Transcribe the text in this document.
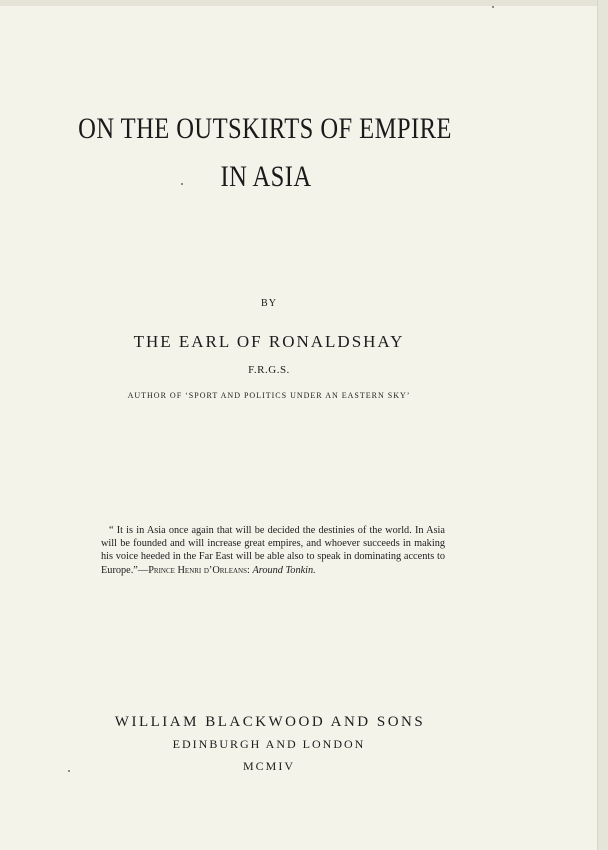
ON THE OUTSKIRTS OF EMPIRE
IN ASIA
BY
THE EARL OF RONALDSHAY
F.R.G.S.
AUTHOR OF ‘SPORT AND POLITICS UNDER AN EASTERN SKY’
“ It is in Asia once again that will be decided the destinies of the world. In Asia will be founded and will increase great empires, and whoever succeeds in making his voice heeded in the Far East will be able also to speak in dominating accents to Europe.”—Prince Henri d’Orleans: Around Tonkin.
WILLIAM BLACKWOOD AND SONS
EDINBURGH AND LONDON
MCMIV
